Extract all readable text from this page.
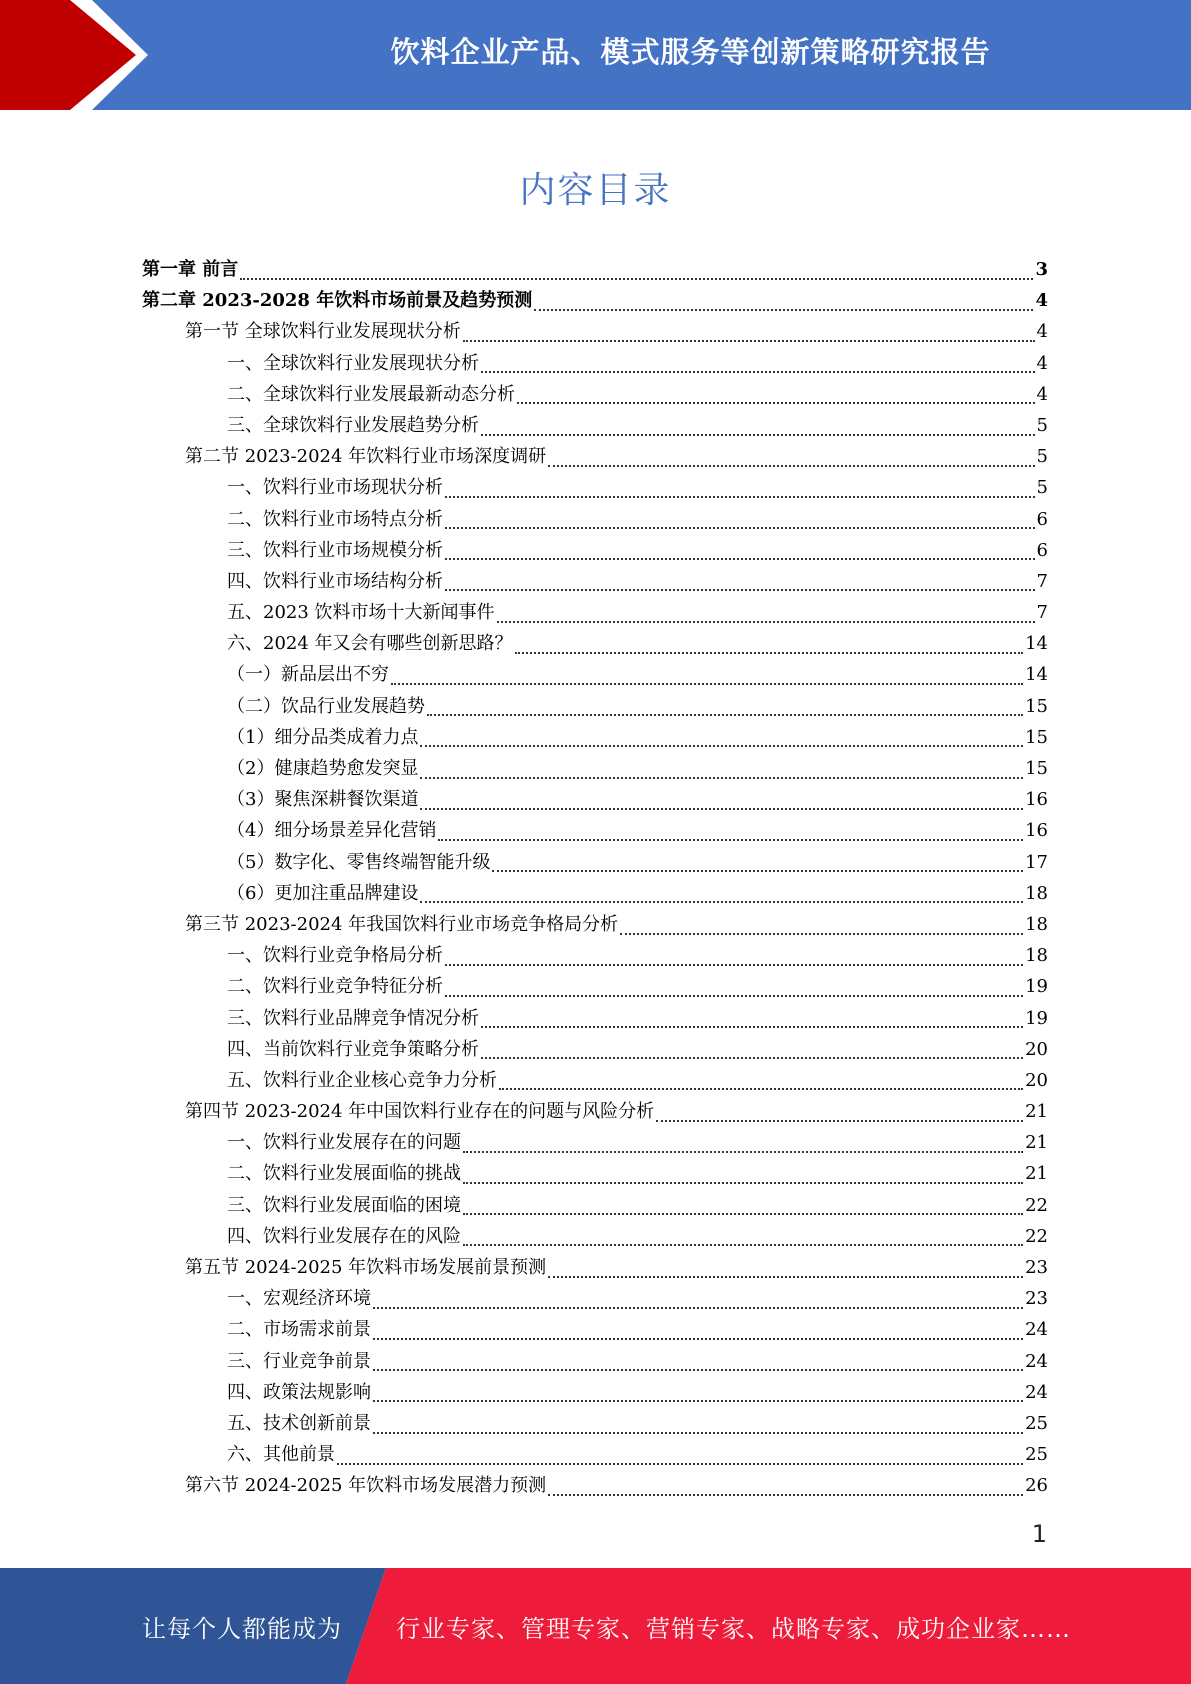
饮料企业产品、模式服务等创新策略研究报告
内容目录
第一章 前言	3
第二章 2023-2028 年饮料市场前景及趋势预测	4
第一节 全球饮料行业发展现状分析	4
一、全球饮料行业发展现状分析	4
二、全球饮料行业发展最新动态分析	4
三、全球饮料行业发展趋势分析	5
第二节 2023-2024 年饮料行业市场深度调研	5
一、饮料行业市场现状分析	5
二、饮料行业市场特点分析	6
三、饮料行业市场规模分析	6
四、饮料行业市场结构分析	7
五、2023 饮料市场十大新闻事件	7
六、2024 年又会有哪些创新思路？	14
（一）新品层出不穷	14
（二）饮品行业发展趋势	15
（1）细分品类成着力点	15
（2）健康趋势愈发突显	15
（3）聚焦深耕餐饮渠道	16
（4）细分场景差异化营销	16
（5）数字化、零售终端智能升级	17
（6）更加注重品牌建设	18
第三节 2023-2024 年我国饮料行业市场竞争格局分析	18
一、饮料行业竞争格局分析	18
二、饮料行业竞争特征分析	19
三、饮料行业品牌竞争情况分析	19
四、当前饮料行业竞争策略分析	20
五、饮料行业企业核心竞争力分析	20
第四节 2023-2024 年中国饮料行业存在的问题与风险分析	21
一、饮料行业发展存在的问题	21
二、饮料行业发展面临的挑战	21
三、饮料行业发展面临的困境	22
四、饮料行业发展存在的风险	22
第五节 2024-2025 年饮料市场发展前景预测	23
一、宏观经济环境	23
二、市场需求前景	24
三、行业竞争前景	24
四、政策法规影响	24
五、技术创新前景	25
六、其他前景	25
第六节 2024-2025 年饮料市场发展潜力预测	26
1
让每个人都能成为 行业专家、管理专家、营销专家、战略专家、成功企业家……
